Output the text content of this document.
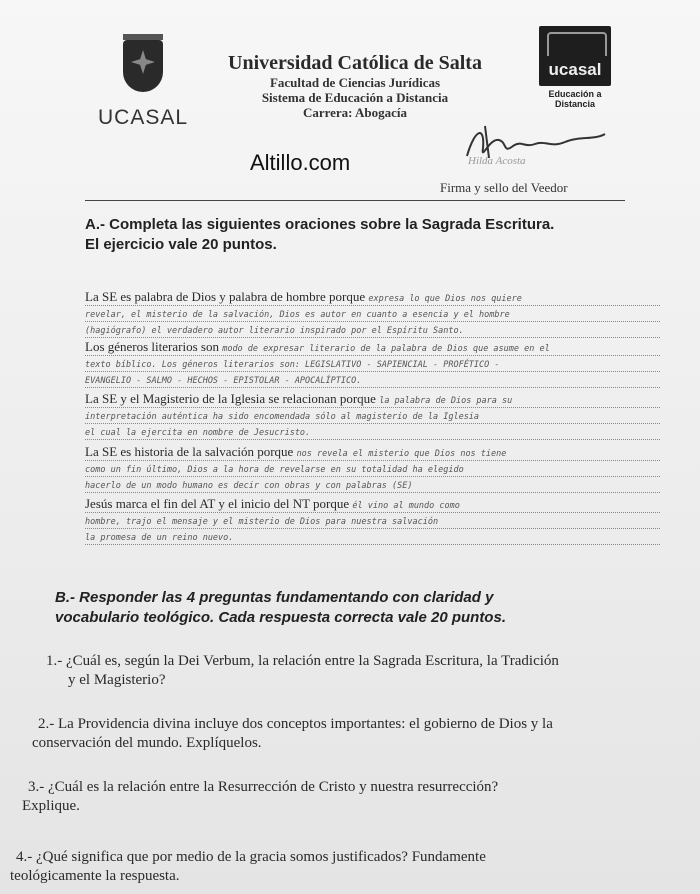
UCASAL

Universidad Católica de Salta
Facultad de Ciencias Jurídicas
Sistema de Educación a Distancia
Carrera: Abogacía
ucasal
Educación a Distancia
Altillo.com	Hilda Acosta
Firma y sello del Veedor
A.- Completa las siguientes oraciones sobre la Sagrada Escritura.
El ejercicio vale 20 puntos.
La SE es palabra de Dios y palabra de hombre porque expresa lo que Dios nos quiere
revelar, el misterio de la salvación, Dios es autor en cuanto a esencia y el hombre
(hagiógrafo) el verdadero autor literario inspirado por el Espíritu Santo.
Los géneros literarios son modo de expresar literario de la palabra de Dios que asume en el
texto bíblico. Los géneros literarios son: LEGISLATIVO - SAPIENCIAL - PROFÉTICO -
EVANGELIO - SALMO - HECHOS - EPISTOLAR - APOCALÍPTICO.
La SE y el Magisterio de la Iglesia se relacionan porque la palabra de Dios para su
interpretación auténtica ha sido encomendada sólo al magisterio de la Iglesia
el cual la ejercita en nombre de Jesucristo.
La SE es historia de la salvación porque nos revela el misterio que Dios nos tiene
como un fin último, Dios a la hora de revelarse en su totalidad ha elegido
hacerlo de un modo humano es decir con obras y con palabras (SE)
Jesús marca el fin del AT y el inicio del NT porque él vino al mundo como
hombre, trajo el mensaje y el misterio de Dios para nuestra salvación
la promesa de un reino nuevo.
B.- Responder las 4 preguntas fundamentando con claridad y
vocabulario teológico. Cada respuesta correcta vale 20 puntos.
1.- ¿Cuál es, según la Dei Verbum, la relación entre la Sagrada Escritura, la Tradición
y el Magisterio?
2.- La Providencia divina incluye dos conceptos importantes: el gobierno de Dios y la
conservación del mundo. Explíquelos.
3.- ¿Cuál es la relación entre la Resurrección de Cristo y nuestra resurrección?
Explique.
4.- ¿Qué significa que por medio de la gracia somos justificados? Fundamente
teológicamente la respuesta.
